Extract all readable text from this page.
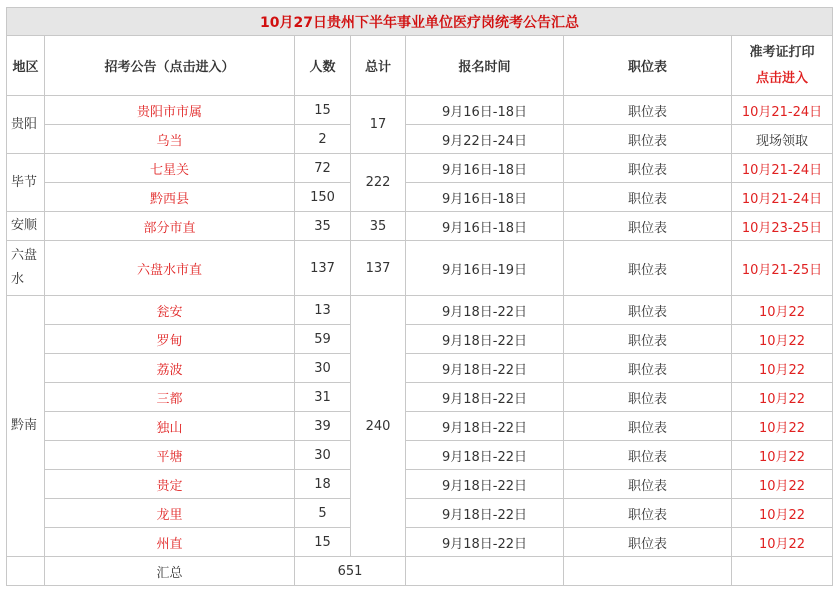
10月27日贵州下半年事业单位医疗岗统考公告汇总						
地区	招考公告（点击进入）	人数	总计	报名时间	职位表	准考证打印
点击进入

贵阳	贵阳市市属	15	17	9月16日-18日	职位表	10月21-24日
	乌当	2		9月22日-24日	职位表	现场领取
毕节	七星关	72	222	9月16日-18日	职位表	10月21-24日
	黔西县	150		9月16日-18日	职位表	10月21-24日
安顺	部分市直	35	35	9月16日-18日	职位表	10月23-25日
六盘水	六盘水市直	137	137	9月16日-19日	职位表	10月21-25日
黔南	瓮安	13	240	9月18日-22日	职位表	10月22
	罗甸	59		9月18日-22日	职位表	10月22
	荔波	30		9月18日-22日	职位表	10月22
	三都	31		9月18日-22日	职位表	10月22
	独山	39		9月18日-22日	职位表	10月22
	平塘	30		9月18日-22日	职位表	10月22
	贵定	18		9月18日-22日	职位表	10月22
	龙里	5		9月18日-22日	职位表	10月22
	州直	15		9月18日-22日	职位表	10月22
	汇总	651				
